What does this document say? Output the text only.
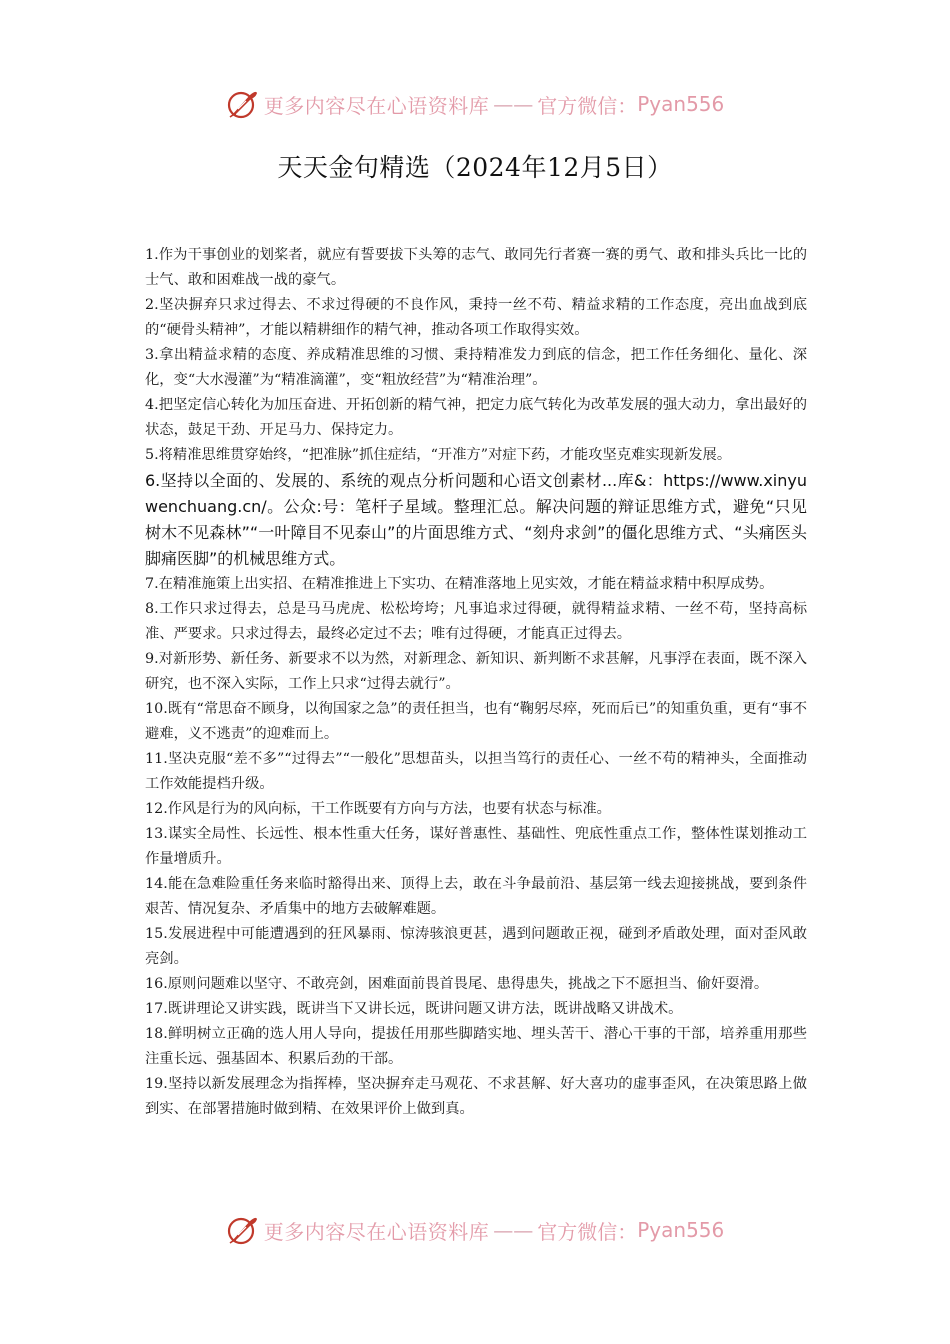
更多内容尽在心语资料库 —— 官方微信： Pyan556
天天金句精选（2024年12月5日）

1.作为干事创业的划桨者，就应有誓要拔下头筹的志气、敢同先行者赛一赛的勇气、敢和排头兵比一比的士气、敢和困难战一战的豪气。

2.坚决摒弃只求过得去、不求过得硬的不良作风，秉持一丝不苟、精益求精的工作态度，亮出血战到底的“硬骨头精神”，才能以精耕细作的精气神，推动各项工作取得实效。

3.拿出精益求精的态度、养成精准思维的习惯、秉持精准发力到底的信念，把工作任务细化、量化、深化，变“大水漫灌”为“精准滴灌”，变“粗放经营”为“精准治理”。

4.把坚定信心转化为加压奋进、开拓创新的精气神，把定力底气转化为改革发展的强大动力，拿出最好的状态，鼓足干劲、开足马力、保持定力。

5.将精准思维贯穿始终，“把准脉”抓住症结，“开准方”对症下药，才能攻坚克难实现新发展。

6.坚持以全面的、发展的、系统的观点分析问题和心语文创素材...库&：https://www.xinyuwenchuang.cn/。公众:号：笔杆子星域。整理汇总。解决问题的辩证思维方式，避免“只见树木不见森林”“一叶障目不见泰山”的片面思维方式、“刻舟求剑”的僵化思维方式、“头痛医头脚痛医脚”的机械思维方式。

7.在精准施策上出实招、在精准推进上下实功、在精准落地上见实效，才能在精益求精中积厚成势。

8.工作只求过得去，总是马马虎虎、松松垮垮；凡事追求过得硬，就得精益求精、一丝不苟，坚持高标准、严要求。只求过得去，最终必定过不去；唯有过得硬，才能真正过得去。

9.对新形势、新任务、新要求不以为然，对新理念、新知识、新判断不求甚解，凡事浮在表面，既不深入研究，也不深入实际，工作上只求“过得去就行”。

10.既有“常思奋不顾身，以徇国家之急”的责任担当，也有“鞠躬尽瘁，死而后已”的知重负重，更有“事不避难，义不逃责”的迎难而上。

11.坚决克服“差不多”“过得去”“一般化”思想苗头，以担当笃行的责任心、一丝不苟的精神头，全面推动工作效能提档升级。

12.作风是行为的风向标，干工作既要有方向与方法，也要有状态与标准。

13.谋实全局性、长远性、根本性重大任务，谋好普惠性、基础性、兜底性重点工作，整体性谋划推动工作量增质升。

14.能在急难险重任务来临时豁得出来、顶得上去，敢在斗争最前沿、基层第一线去迎接挑战，要到条件艰苦、情况复杂、矛盾集中的地方去破解难题。

15.发展进程中可能遭遇到的狂风暴雨、惊涛骇浪更甚，遇到问题敢正视，碰到矛盾敢处理，面对歪风敢亮剑。

16.原则问题难以坚守、不敢亮剑，困难面前畏首畏尾、患得患失，挑战之下不愿担当、偷奸耍滑。

17.既讲理论又讲实践，既讲当下又讲长远，既讲问题又讲方法，既讲战略又讲战术。

18.鲜明树立正确的选人用人导向，提拔任用那些脚踏实地、埋头苦干、潜心干事的干部，培养重用那些注重长远、强基固本、积累后劲的干部。

19.坚持以新发展理念为指挥棒，坚决摒弃走马观花、不求甚解、好大喜功的虚事歪风，在决策思路上做到实、在部署措施时做到精、在效果评价上做到真。

更多内容尽在心语资料库 —— 官方微信： Pyan556
